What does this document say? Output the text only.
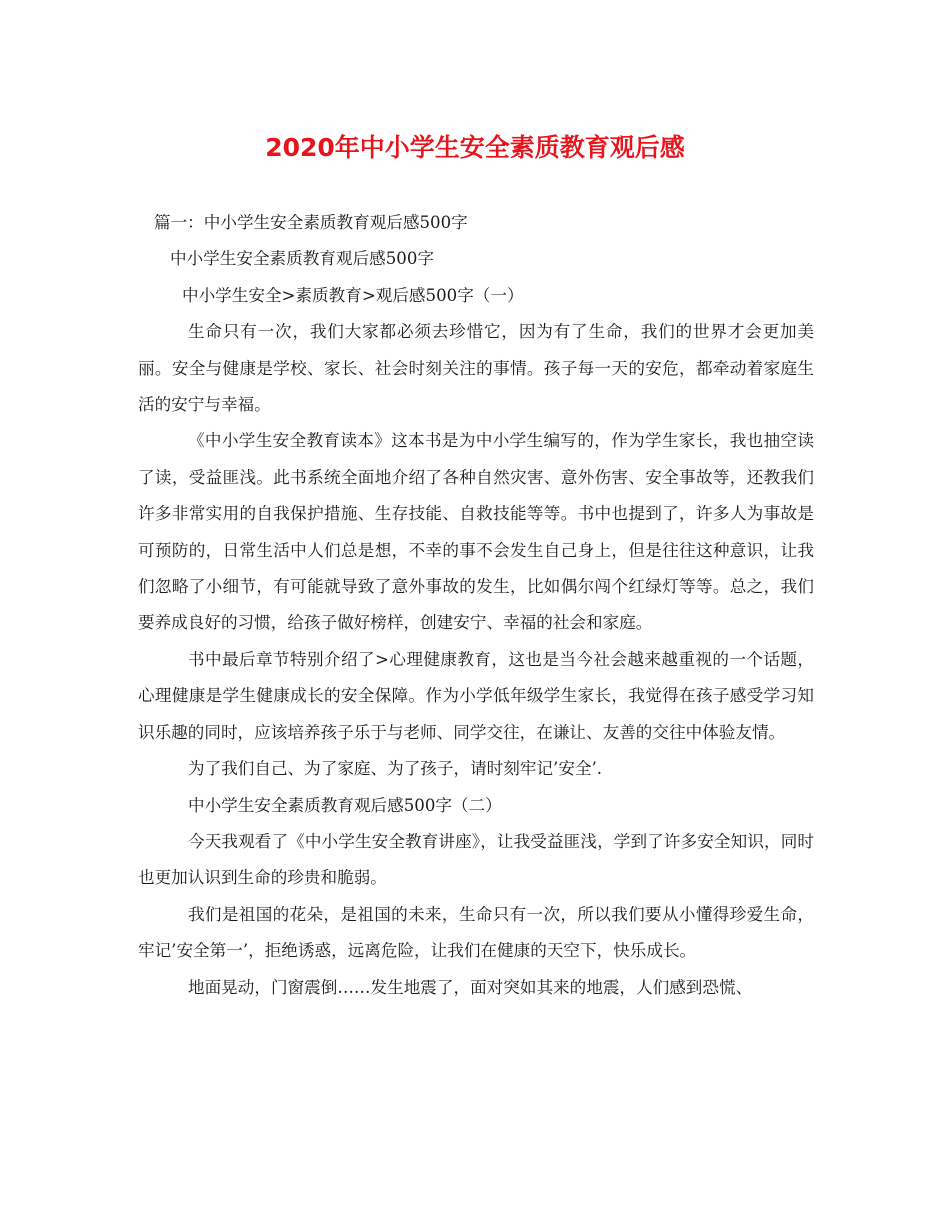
2020年中小学生安全素质教育观后感

篇一：中小学生安全素质教育观后感500字

中小学生安全素质教育观后感500字

中小学生安全>素质教育>观后感500字（一）

生命只有一次，我们大家都必须去珍惜它，因为有了生命，我们的世界才会更加美丽。安全与健康是学校、家长、社会时刻关注的事情。孩子每一天的安危，都牵动着家庭生活的安宁与幸福。

《中小学生安全教育读本》这本书是为中小学生编写的，作为学生家长，我也抽空读了读，受益匪浅。此书系统全面地介绍了各种自然灾害、意外伤害、安全事故等，还教我们许多非常实用的自我保护措施、生存技能、自救技能等等。书中也提到了，许多人为事故是可预防的，日常生活中人们总是想，不幸的事不会发生自己身上，但是往往这种意识，让我们忽略了小细节，有可能就导致了意外事故的发生，比如偶尔闯个红绿灯等等。总之，我们要养成良好的习惯，给孩子做好榜样，创建安宁、幸福的社会和家庭。

书中最后章节特别介绍了>心理健康教育，这也是当今社会越来越重视的一个话题，心理健康是学生健康成长的安全保障。作为小学低年级学生家长，我觉得在孩子感受学习知识乐趣的同时，应该培养孩子乐于与老师、同学交往，在谦让、友善的交往中体验友情。

为了我们自己、为了家庭、为了孩子，请时刻牢记’安全’.

中小学生安全素质教育观后感500字（二）

今天我观看了《中小学生安全教育讲座》，让我受益匪浅，学到了许多安全知识，同时也更加认识到生命的珍贵和脆弱。

我们是祖国的花朵，是祖国的未来，生命只有一次，所以我们要从小懂得珍爱生命，牢记’安全第一’，拒绝诱惑，远离危险，让我们在健康的天空下，快乐成长。

地面晃动，门窗震倒……发生地震了，面对突如其来的地震，人们感到恐慌、
